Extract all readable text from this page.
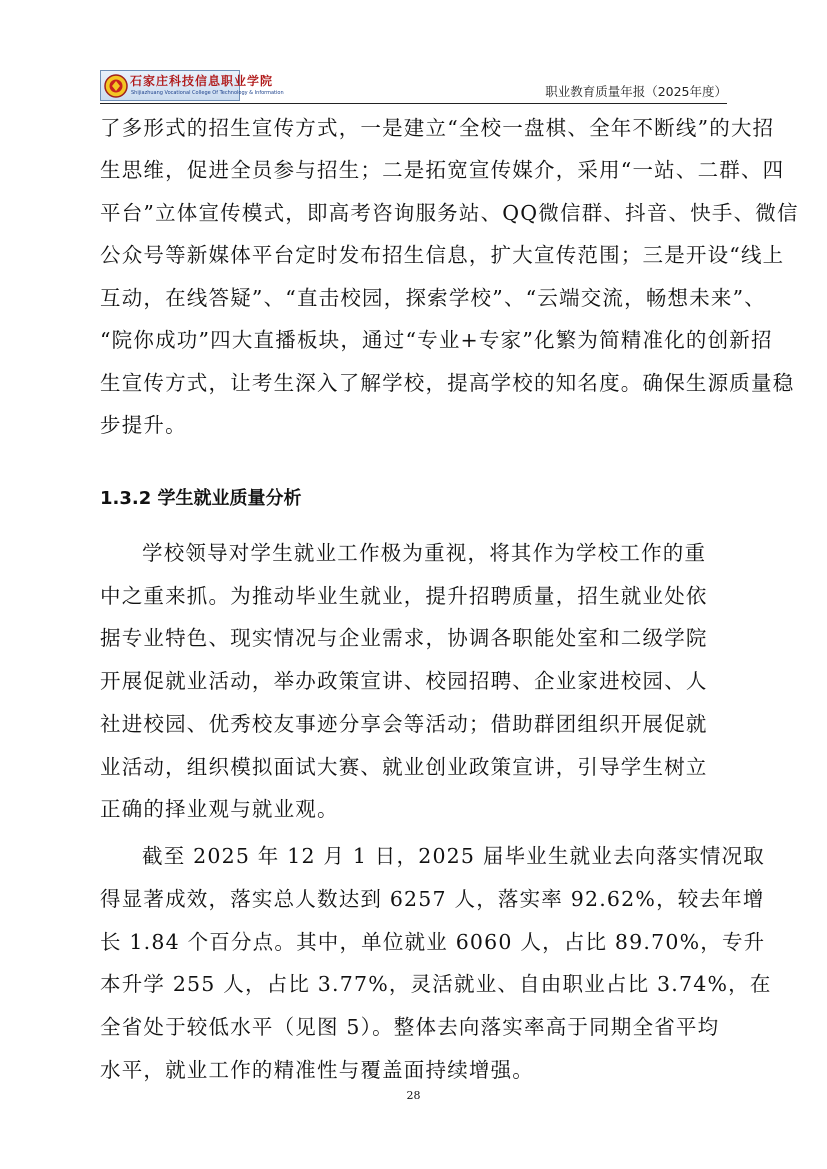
石家庄科技信息职业学院
Shijiazhuang Vocational College Of Technology & Information	职业教育质量年报（2025年度）
了多形式的招生宣传方式，一是建立“全校一盘棋、全年不断线”的大招
生思维，促进全员参与招生；二是拓宽宣传媒介，采用“一站、二群、四
平台”立体宣传模式，即高考咨询服务站、QQ微信群、抖音、快手、微信
公众号等新媒体平台定时发布招生信息，扩大宣传范围；三是开设“线上
互动，在线答疑”、“直击校园，探索学校”、“云端交流，畅想未来”、
“院你成功”四大直播板块，通过“专业+专家”化繁为简精准化的创新招
生宣传方式，让考生深入了解学校，提高学校的知名度。确保生源质量稳
步提升。
1.3.2 学生就业质量分析
学校领导对学生就业工作极为重视，将其作为学校工作的重
中之重来抓。为推动毕业生就业，提升招聘质量，招生就业处依
据专业特色、现实情况与企业需求，协调各职能处室和二级学院
开展促就业活动，举办政策宣讲、校园招聘、企业家进校园、人
社进校园、优秀校友事迹分享会等活动；借助群团组织开展促就
业活动，组织模拟面试大赛、就业创业政策宣讲，引导学生树立
正确的择业观与就业观。
截至 2025 年 12 月 1 日，2025 届毕业生就业去向落实情况取
得显著成效，落实总人数达到 6257 人，落实率 92.62%，较去年增
长 1.84 个百分点。其中，单位就业 6060 人，占比 89.70%，专升
本升学 255 人，占比 3.77%，灵活就业、自由职业占比 3.74%，在
全省处于较低水平（见图 5）。整体去向落实率高于同期全省平均
水平，就业工作的精准性与覆盖面持续增强。
28
